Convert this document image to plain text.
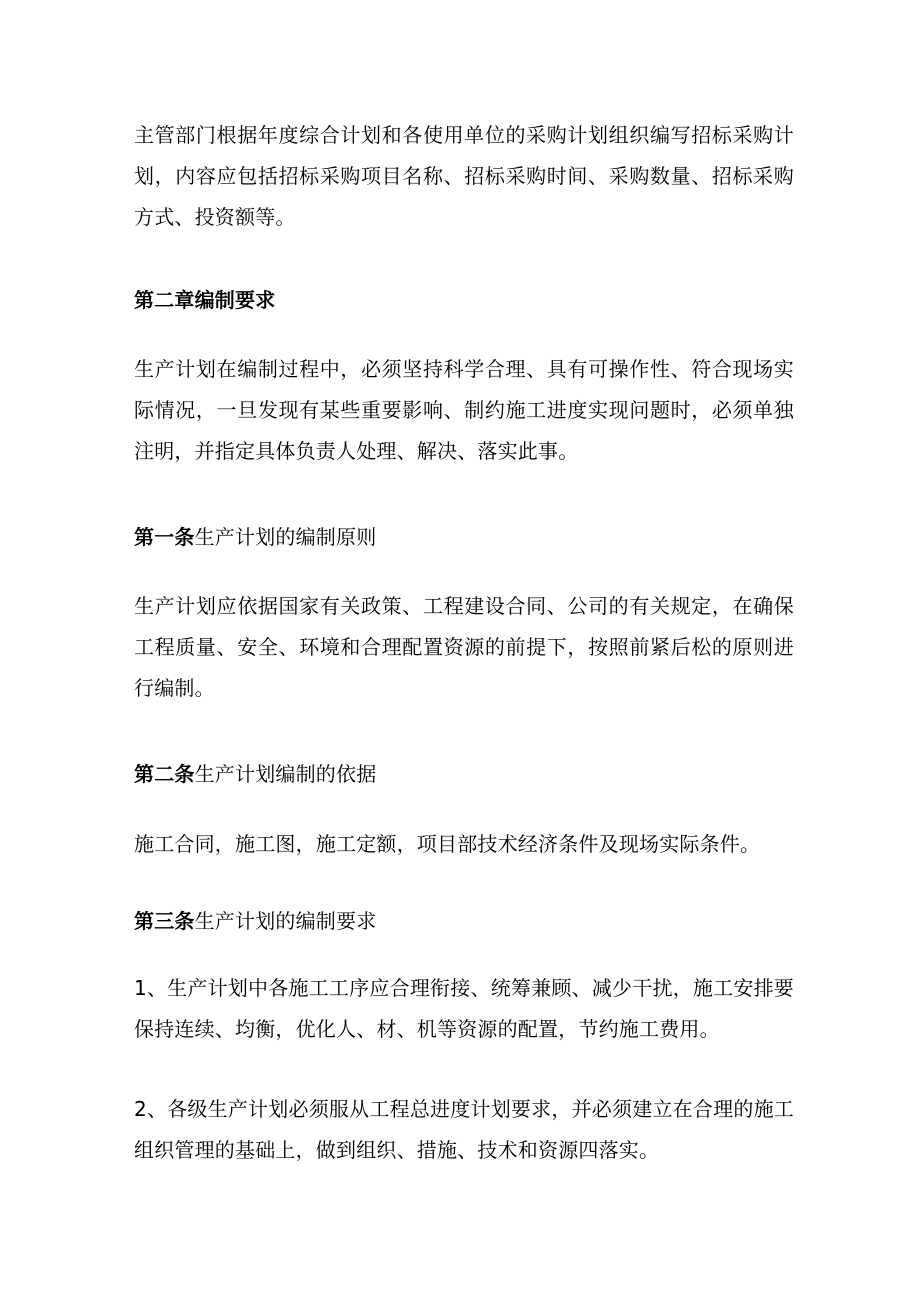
主管部门根据年度综合计划和各使用单位的采购计划组织编写招标采购计划，内容应包括招标采购项目名称、招标采购时间、采购数量、招标采购方式、投资额等。

第二章编制要求

生产计划在编制过程中，必须坚持科学合理、具有可操作性、符合现场实际情况，一旦发现有某些重要影响、制约施工进度实现问题时，必须单独注明，并指定具体负责人处理、解决、落实此事。

第一条生产计划的编制原则

生产计划应依据国家有关政策、工程建设合同、公司的有关规定，在确保工程质量、安全、环境和合理配置资源的前提下，按照前紧后松的原则进行编制。

第二条生产计划编制的依据

施工合同，施工图，施工定额，项目部技术经济条件及现场实际条件。

第三条生产计划的编制要求

1、生产计划中各施工工序应合理衔接、统筹兼顾、减少干扰，施工安排要保持连续、均衡，优化人、材、机等资源的配置，节约施工费用。

2、各级生产计划必须服从工程总进度计划要求，并必须建立在合理的施工组织管理的基础上，做到组织、措施、技术和资源四落实。
